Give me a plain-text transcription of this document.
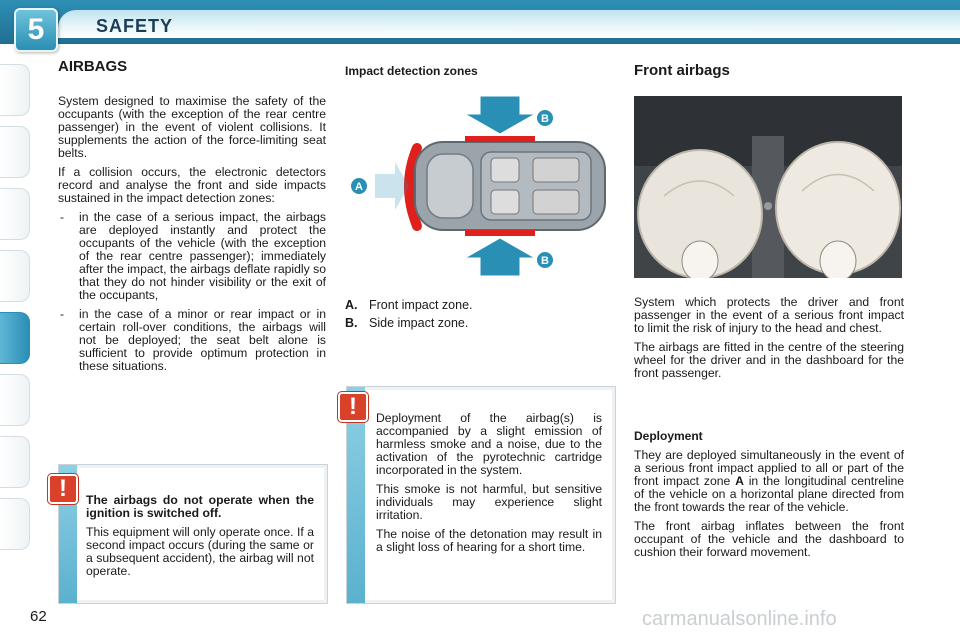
5	SAFETY
AIRBAGS

System designed to maximise the safety of the occupants (with the exception of the rear centre passenger) in the event of violent collisions. It supplements the action of the force-limiting seat belts.

If a collision occurs, the electronic detectors record and analyse the front and side impacts sustained in the impact detection zones:

- in the case of a serious impact, the airbags are deployed instantly and protect the occupants of the vehicle (with the exception of the rear centre passenger); immediately after the impact, the airbags deflate rapidly so that they do not hinder visibility or the exit of the occupants,
- in the case of a minor or rear impact or in certain roll-over conditions, the airbags will not be deployed; the seat belt alone is sufficient to provide optimum protection in these situations.
!	The airbags do not operate when the ignition is switched off.

This equipment will only operate once. If a second impact occurs (during the same or a subsequent accident), the airbag will not operate.

Impact detection zones
B
B
A
A. Front impact zone.
B. Side impact zone.
!	Deployment of the airbag(s) is accompanied by a slight emission of harmless smoke and a noise, due to the activation of the pyrotechnic cartridge incorporated in the system.

This smoke is not harmful, but sensitive individuals may experience slight irritation.

The noise of the detonation may result in a slight loss of hearing for a short time.

Front airbags

System which protects the driver and front passenger in the event of a serious front impact to limit the risk of injury to the head and chest.

The airbags are fitted in the centre of the steering wheel for the driver and in the dashboard for the front passenger.

Deployment

They are deployed simultaneously in the event of a serious front impact applied to all or part of the front impact zone A in the longitudinal centreline of the vehicle on a horizontal plane directed from the front towards the rear of the vehicle.

The front airbag inflates between the front occupant of the vehicle and the dashboard to cushion their forward movement.

62	carmanualsonline.info
